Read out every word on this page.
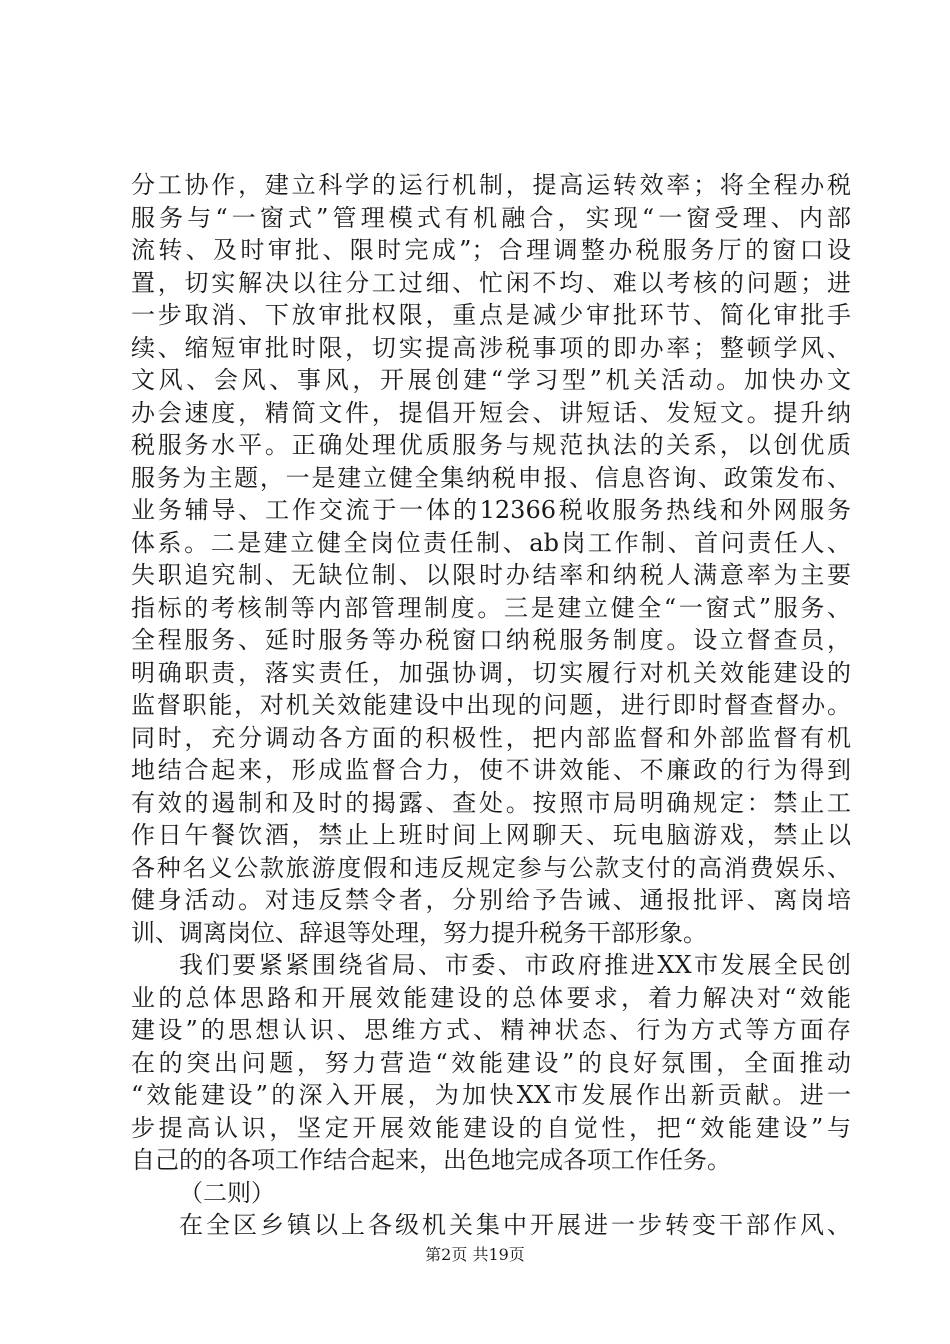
分工协作，建立科学的运行机制，提高运转效率；将全程办税
服务与“一窗式”管理模式有机融合，实现“一窗受理、内部
流转、及时审批、限时完成”；合理调整办税服务厅的窗口设
置，切实解决以往分工过细、忙闲不均、难以考核的问题；进
一步取消、下放审批权限，重点是减少审批环节、简化审批手
续、缩短审批时限，切实提高涉税事项的即办率；整顿学风、
文风、会风、事风，开展创建“学习型”机关活动。加快办文
办会速度，精简文件，提倡开短会、讲短话、发短文。提升纳
税服务水平。正确处理优质服务与规范执法的关系，以创优质
服务为主题，一是建立健全集纳税申报、信息咨询、政策发布、
业务辅导、工作交流于一体的12366税收服务热线和外网服务
体系。二是建立健全岗位责任制、ab岗工作制、首问责任人、
失职追究制、无缺位制、以限时办结率和纳税人满意率为主要
指标的考核制等内部管理制度。三是建立健全“一窗式”服务、
全程服务、延时服务等办税窗口纳税服务制度。设立督查员，
明确职责，落实责任，加强协调，切实履行对机关效能建设的
监督职能，对机关效能建设中出现的问题，进行即时督查督办。
同时，充分调动各方面的积极性，把内部监督和外部监督有机
地结合起来，形成监督合力，使不讲效能、不廉政的行为得到
有效的遏制和及时的揭露、查处。按照市局明确规定：禁止工
作日午餐饮酒，禁止上班时间上网聊天、玩电脑游戏，禁止以
各种名义公款旅游度假和违反规定参与公款支付的高消费娱乐、
健身活动。对违反禁令者，分别给予告诫、通报批评、离岗培
训、调离岗位、辞退等处理，努力提升税务干部形象。
我们要紧紧围绕省局、市委、市政府推进XX市发展全民创
业的总体思路和开展效能建设的总体要求，着力解决对“效能
建设”的思想认识、思维方式、精神状态、行为方式等方面存
在的突出问题，努力营造“效能建设”的良好氛围，全面推动
“效能建设”的深入开展，为加快XX市发展作出新贡献。进一
步提高认识，坚定开展效能建设的自觉性，把“效能建设”与
自己的的各项工作结合起来，出色地完成各项工作任务。
（二则）
在全区乡镇以上各级机关集中开展进一步转变干部作风、
第2页 共19页
